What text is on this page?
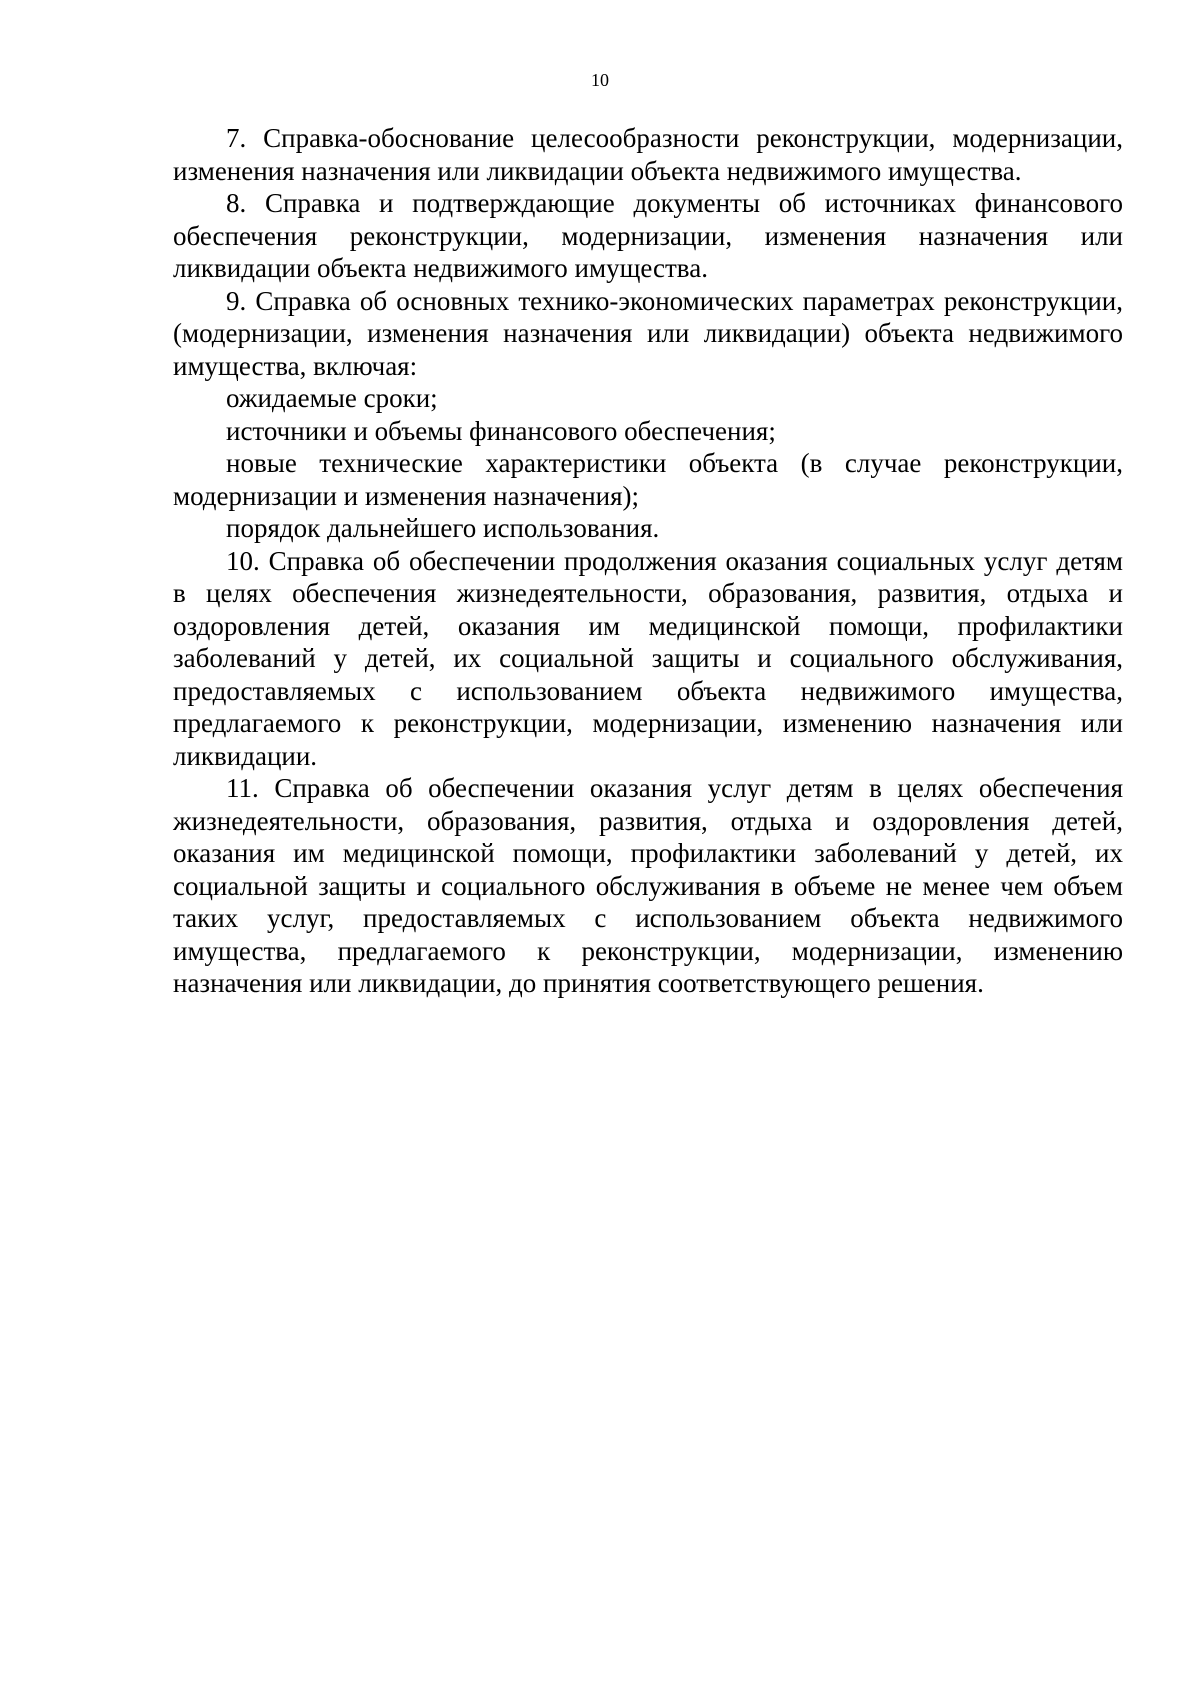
10

7. Справка-обоснование целесообразности реконструкции, модернизации, изменения назначения или ликвидации объекта недвижимого имущества.

8. Справка и подтверждающие документы об источниках финансового обеспечения реконструкции, модернизации, изменения назначения или ликвидации объекта недвижимого имущества.

9. Справка об основных технико-экономических параметрах реконструкции, (модернизации, изменения назначения или ликвидации) объекта недвижимого имущества, включая:

ожидаемые сроки;

источники и объемы финансового обеспечения;

новые технические характеристики объекта (в случае реконструкции, модернизации и изменения назначения);

порядок дальнейшего использования.

10. Справка об обеспечении продолжения оказания социальных услуг детям в целях обеспечения жизнедеятельности, образования, развития, отдыха и оздоровления детей, оказания им медицинской помощи, профилактики заболеваний у детей, их социальной защиты и социального обслуживания, предоставляемых с использованием объекта недвижимого имущества, предлагаемого к реконструкции, модернизации, изменению назначения или ликвидации.

11. Справка об обеспечении оказания услуг детям в целях обеспечения жизнедеятельности, образования, развития, отдыха и оздоровления детей, оказания им медицинской помощи, профилактики заболеваний у детей, их социальной защиты и социального обслуживания в объеме не менее чем объем таких услуг, предоставляемых с использованием объекта недвижимого имущества, предлагаемого к реконструкции, модернизации, изменению назначения или ликвидации, до принятия соответствующего решения.
